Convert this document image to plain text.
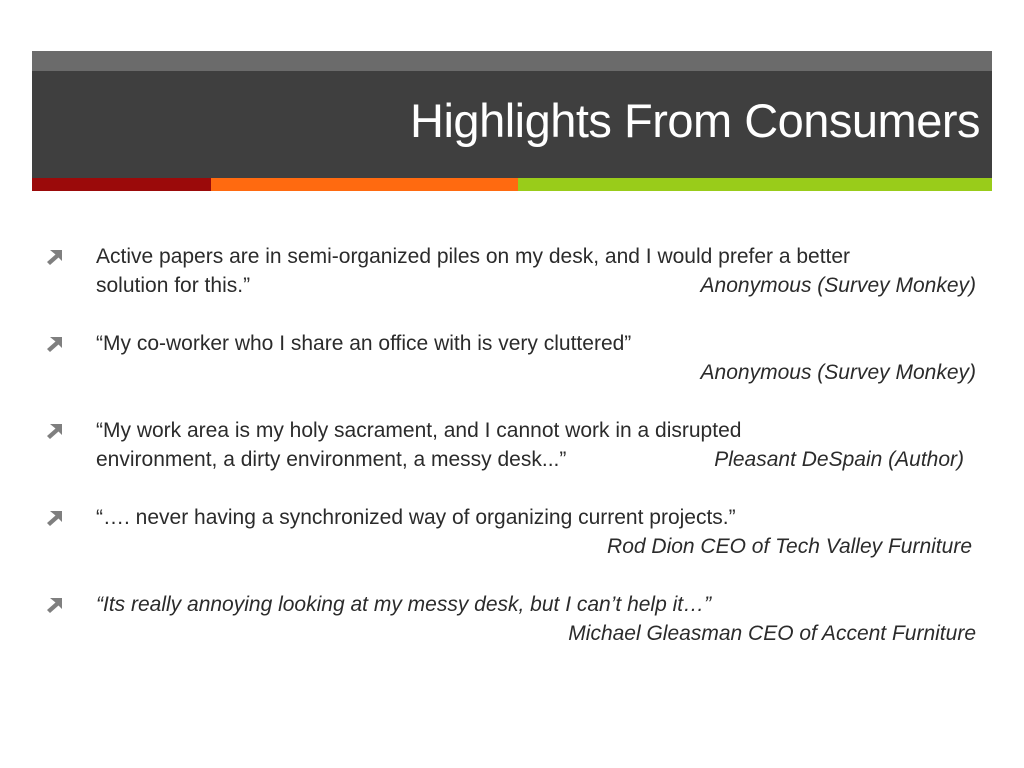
Highlights From Consumers
Active papers are in semi-organized piles on my desk, and I would prefer a better
solution for this.”	Anonymous (Survey Monkey)
“My co-worker who I share an office with is very cluttered”
Anonymous (Survey Monkey)
“My work area is my holy sacrament, and I cannot work in a disrupted
environment, a dirty environment, a messy desk...”	Pleasant DeSpain (Author)
“…. never having a synchronized way of organizing current projects.”
Rod Dion CEO of Tech Valley Furniture
“Its really annoying looking at my messy desk, but I can’t help it…”
Michael Gleasman CEO of Accent Furniture
